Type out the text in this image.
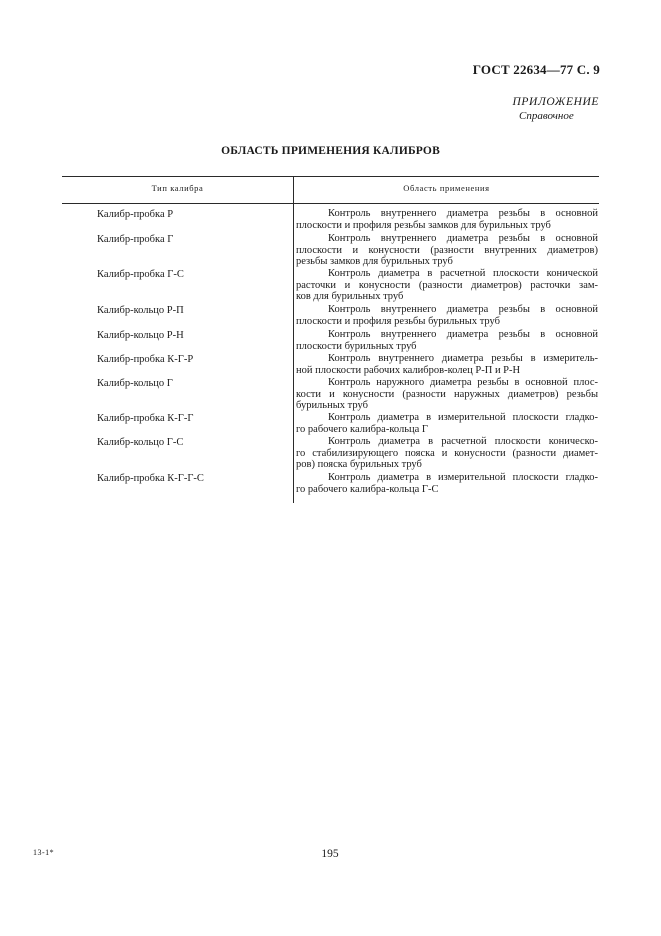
ГОСТ 22634—77 С. 9
ПРИЛОЖЕНИЕ
Справочное
ОБЛАСТЬ ПРИМЕНЕНИЯ КАЛИБРОВ
Тип калибра	Область применения
Калибр-пробка Р	Контроль внутреннего диаметра резьбы в основной
плоскости и профиля резьбы замков для бурильных труб
Калибр-пробка Г	Контроль внутреннего диаметра резьбы в основной
плоскости и конусности (разности внутренних диаметров)
резьбы замков для бурильных труб
Калибр-пробка Г-С	Контроль диаметра в расчетной плоскости конической
расточки и конусности (разности диаметров) расточки зам-
ков для бурильных труб
Калибр-кольцо Р-П	Контроль внутреннего диаметра резьбы в основной
плоскости и профиля резьбы бурильных труб
Калибр-кольцо Р-Н	Контроль внутреннего диаметра резьбы в основной
плоскости бурильных труб
Калибр-пробка К-Г-Р	Контроль внутреннего диаметра резьбы в измеритель-
ной плоскости рабочих калибров-колец Р-П и Р-Н
Калибр-кольцо Г	Контроль наружного диаметра резьбы в основной плос-
кости и конусности (разности наружных диаметров) резьбы
бурильных труб
Калибр-пробка К-Г-Г	Контроль диаметра в измерительной плоскости гладко-
го рабочего калибра-кольца Г
Калибр-кольцо Г-С	Контроль диаметра в расчетной плоскости коническо-
го стабилизирующего пояска и конусности (разности диамет-
ров) пояска бурильных труб
Калибр-пробка К-Г-Г-С	Контроль диаметра в измерительной плоскости гладко-
го рабочего калибра-кольца Г-С
13-1*	195
